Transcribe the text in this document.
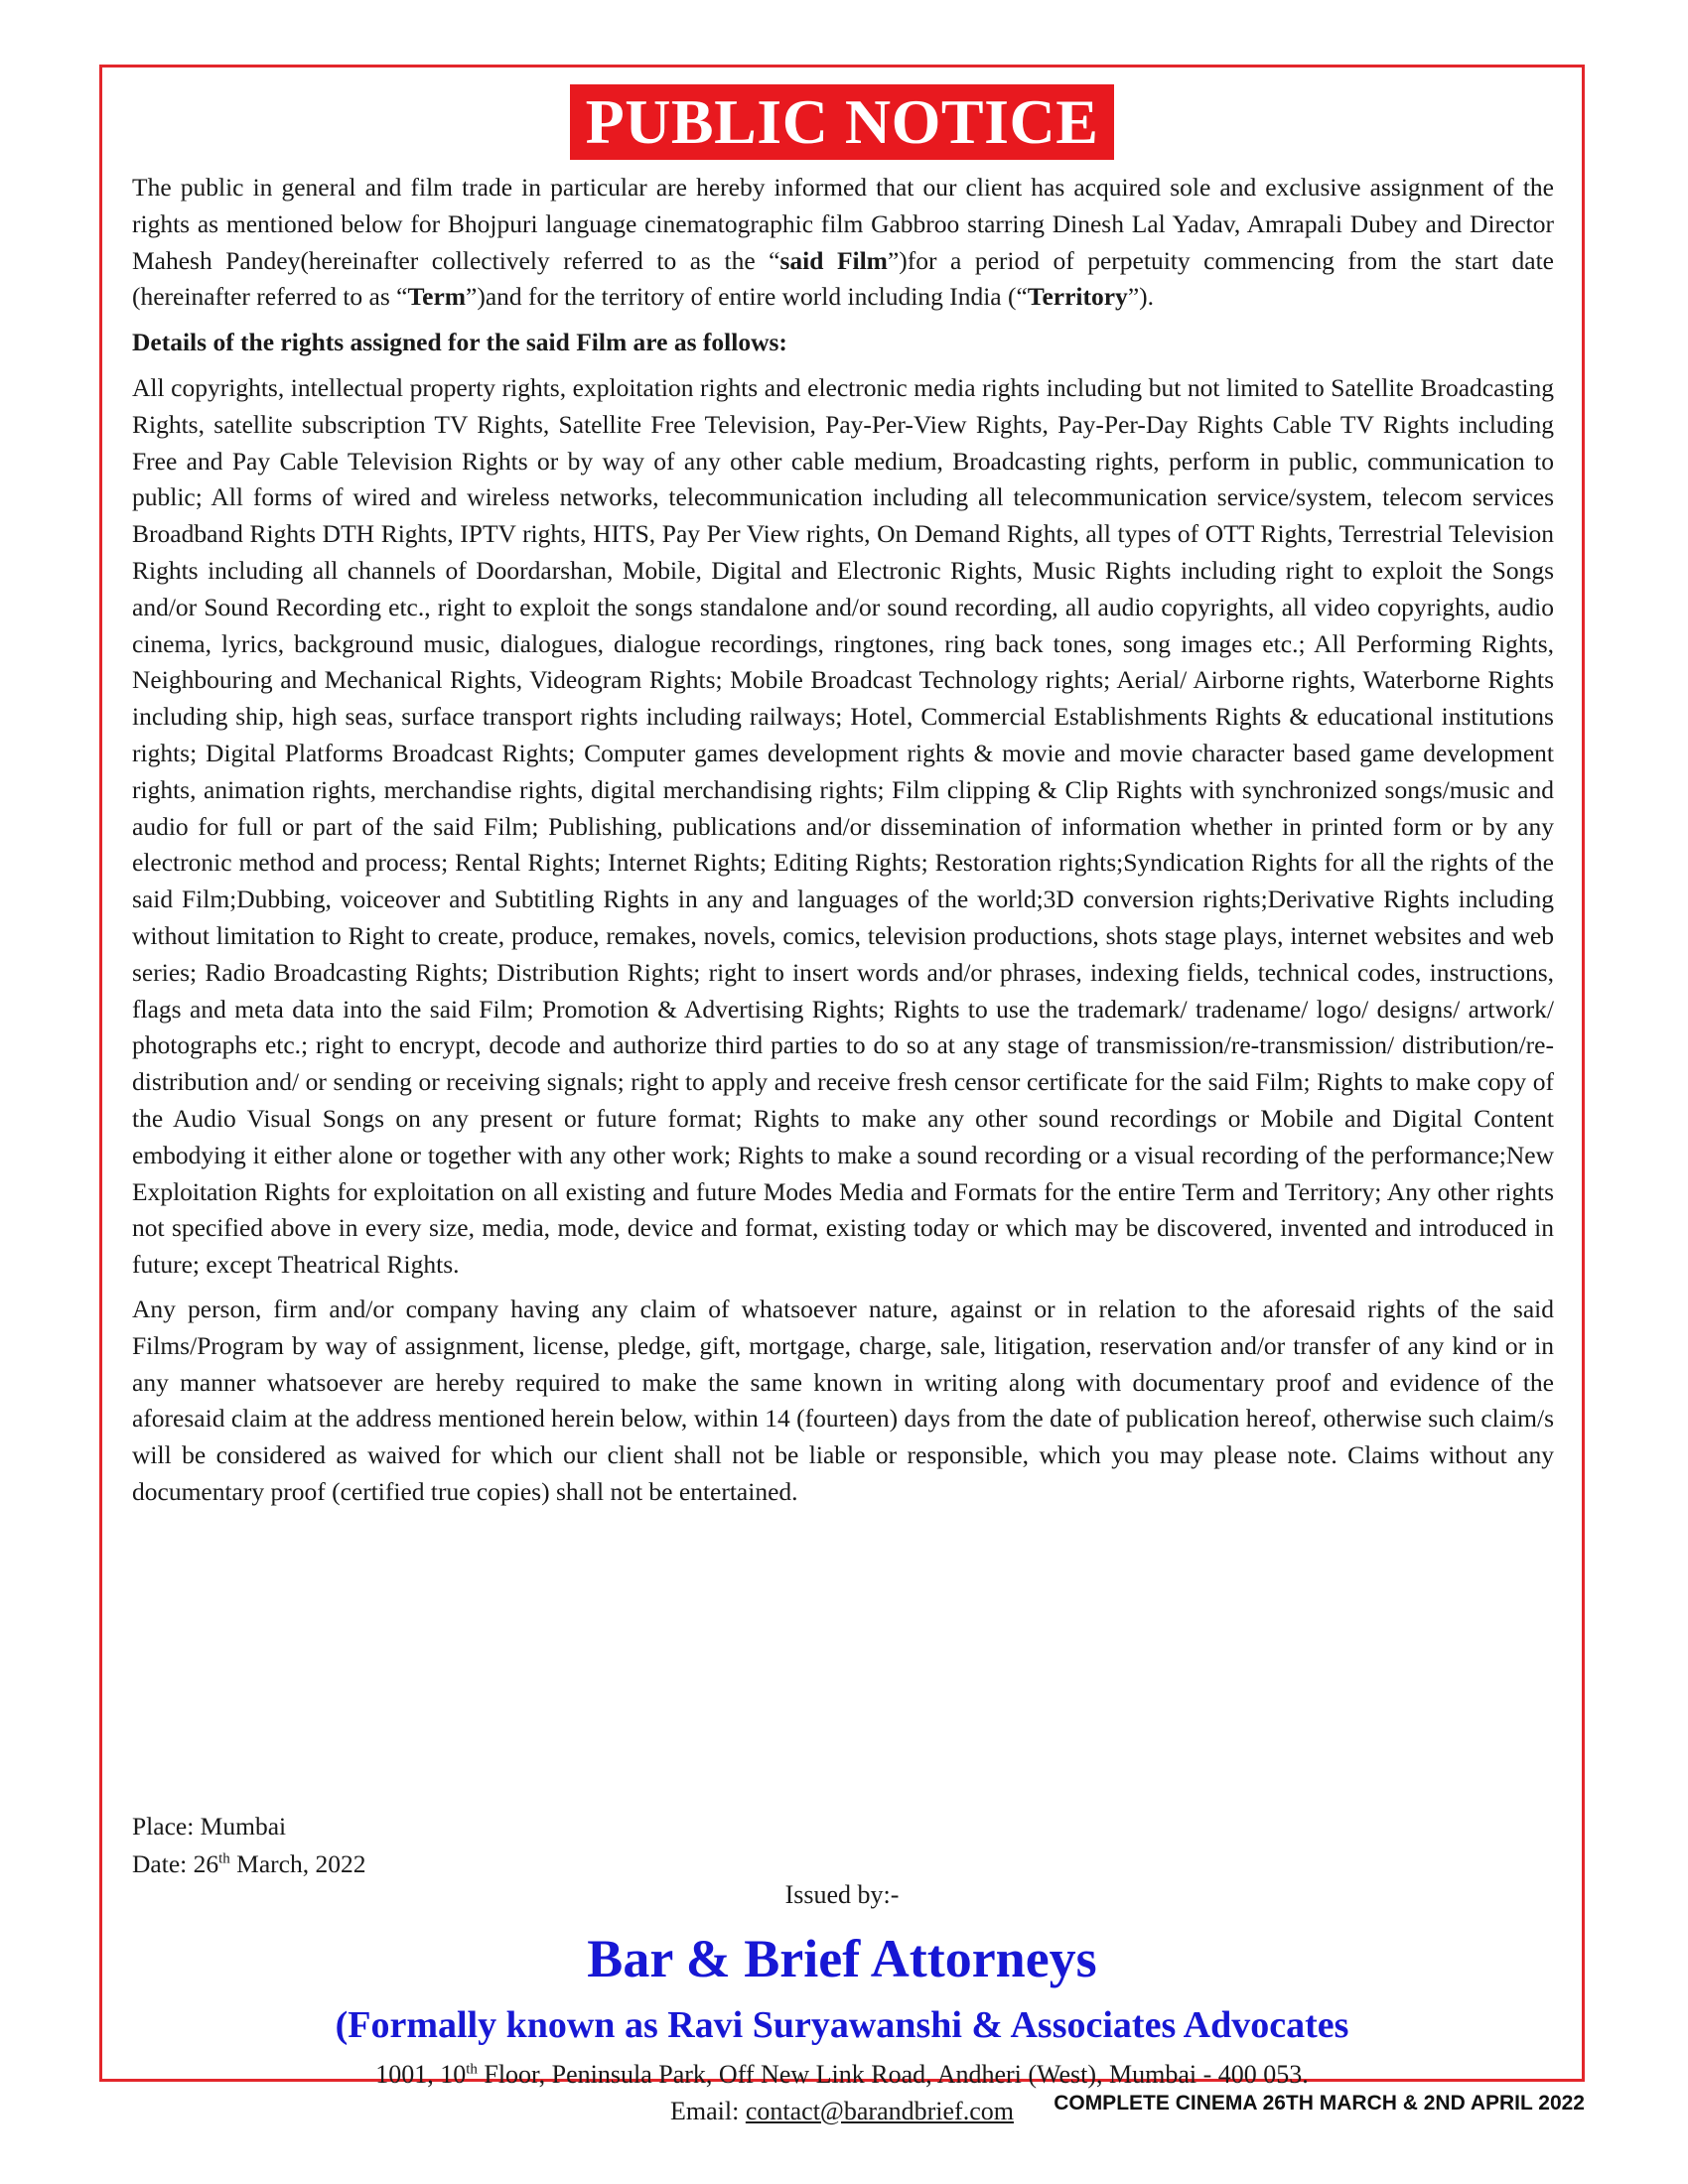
PUBLIC NOTICE

The public in general and film trade in particular are hereby informed that our client has acquired sole and exclusive assignment of the rights as mentioned below for Bhojpuri language cinematographic film Gabbroo starring Dinesh Lal Yadav, Amrapali Dubey and Director Mahesh Pandey(hereinafter collectively referred to as the “said Film”)for a period of perpetuity commencing from the start date (hereinafter referred to as “Term”)and for the territory of entire world including India (“Territory”).

Details of the rights assigned for the said Film are as follows:

All copyrights, intellectual property rights, exploitation rights and electronic media rights including but not limited to Satellite Broadcasting Rights, satellite subscription TV Rights, Satellite Free Television, Pay-Per-View Rights, Pay-Per-Day Rights Cable TV Rights including Free and Pay Cable Television Rights or by way of any other cable medium, Broadcasting rights, perform in public, communication to public; All forms of wired and wireless networks, telecommunication including all telecommunication service/system, telecom services Broadband Rights DTH Rights, IPTV rights, HITS, Pay Per View rights, On Demand Rights, all types of OTT Rights, Terrestrial Television Rights including all channels of Doordarshan, Mobile, Digital and Electronic Rights, Music Rights including right to exploit the Songs and/or Sound Recording etc., right to exploit the songs standalone and/or sound recording, all audio copyrights, all video copyrights, audio cinema, lyrics, background music, dialogues, dialogue recordings, ringtones, ring back tones, song images etc.; All Performing Rights, Neighbouring and Mechanical Rights, Videogram Rights; Mobile Broadcast Technology rights; Aerial/ Airborne rights, Waterborne Rights including ship, high seas, surface transport rights including railways; Hotel, Commercial Establishments Rights & educational institutions rights; Digital Platforms Broadcast Rights; Computer games development rights & movie and movie character based game development rights, animation rights, merchandise rights, digital merchandising rights; Film clipping & Clip Rights with synchronized songs/music and audio for full or part of the said Film; Publishing, publications and/or dissemination of information whether in printed form or by any electronic method and process; Rental Rights; Internet Rights; Editing Rights; Restoration rights;Syndication Rights for all the rights of the said Film;Dubbing, voiceover and Subtitling Rights in any and languages of the world;3D conversion rights;Derivative Rights including without limitation to Right to create, produce, remakes, novels, comics, television productions, shots stage plays, internet websites and web series; Radio Broadcasting Rights; Distribution Rights; right to insert words and/or phrases, indexing fields, technical codes, instructions, flags and meta data into the said Film; Promotion & Advertising Rights; Rights to use the trademark/ tradename/ logo/ designs/ artwork/ photographs etc.; right to encrypt, decode and authorize third parties to do so at any stage of transmission/re-transmission/ distribution/re-distribution and/ or sending or receiving signals; right to apply and receive fresh censor certificate for the said Film; Rights to make copy of the Audio Visual Songs on any present or future format; Rights to make any other sound recordings or Mobile and Digital Content embodying it either alone or together with any other work; Rights to make a sound recording or a visual recording of the performance;New Exploitation Rights for exploitation on all existing and future Modes Media and Formats for the entire Term and Territory; Any other rights not specified above in every size, media, mode, device and format, existing today or which may be discovered, invented and introduced in future; except Theatrical Rights.

Any person, firm and/or company having any claim of whatsoever nature, against or in relation to the aforesaid rights of the said Films/Program by way of assignment, license, pledge, gift, mortgage, charge, sale, litigation, reservation and/or transfer of any kind or in any manner whatsoever are hereby required to make the same known in writing along with documentary proof and evidence of the aforesaid claim at the address mentioned herein below, within 14 (fourteen) days from the date of publication hereof, otherwise such claim/s will be considered as waived for which our client shall not be liable or responsible, which you may please note. Claims without any documentary proof (certified true copies) shall not be entertained.

Place: Mumbai
Date: 26th March, 2022
Issued by:-
Bar & Brief Attorneys
(Formally known as Ravi Suryawanshi & Associates Advocates
1001, 10th Floor, Peninsula Park, Off New Link Road, Andheri (West), Mumbai - 400 053.
Email: contact@barandbrief.com	COMPLETE CINEMA 26TH MARCH & 2ND APRIL 2022
